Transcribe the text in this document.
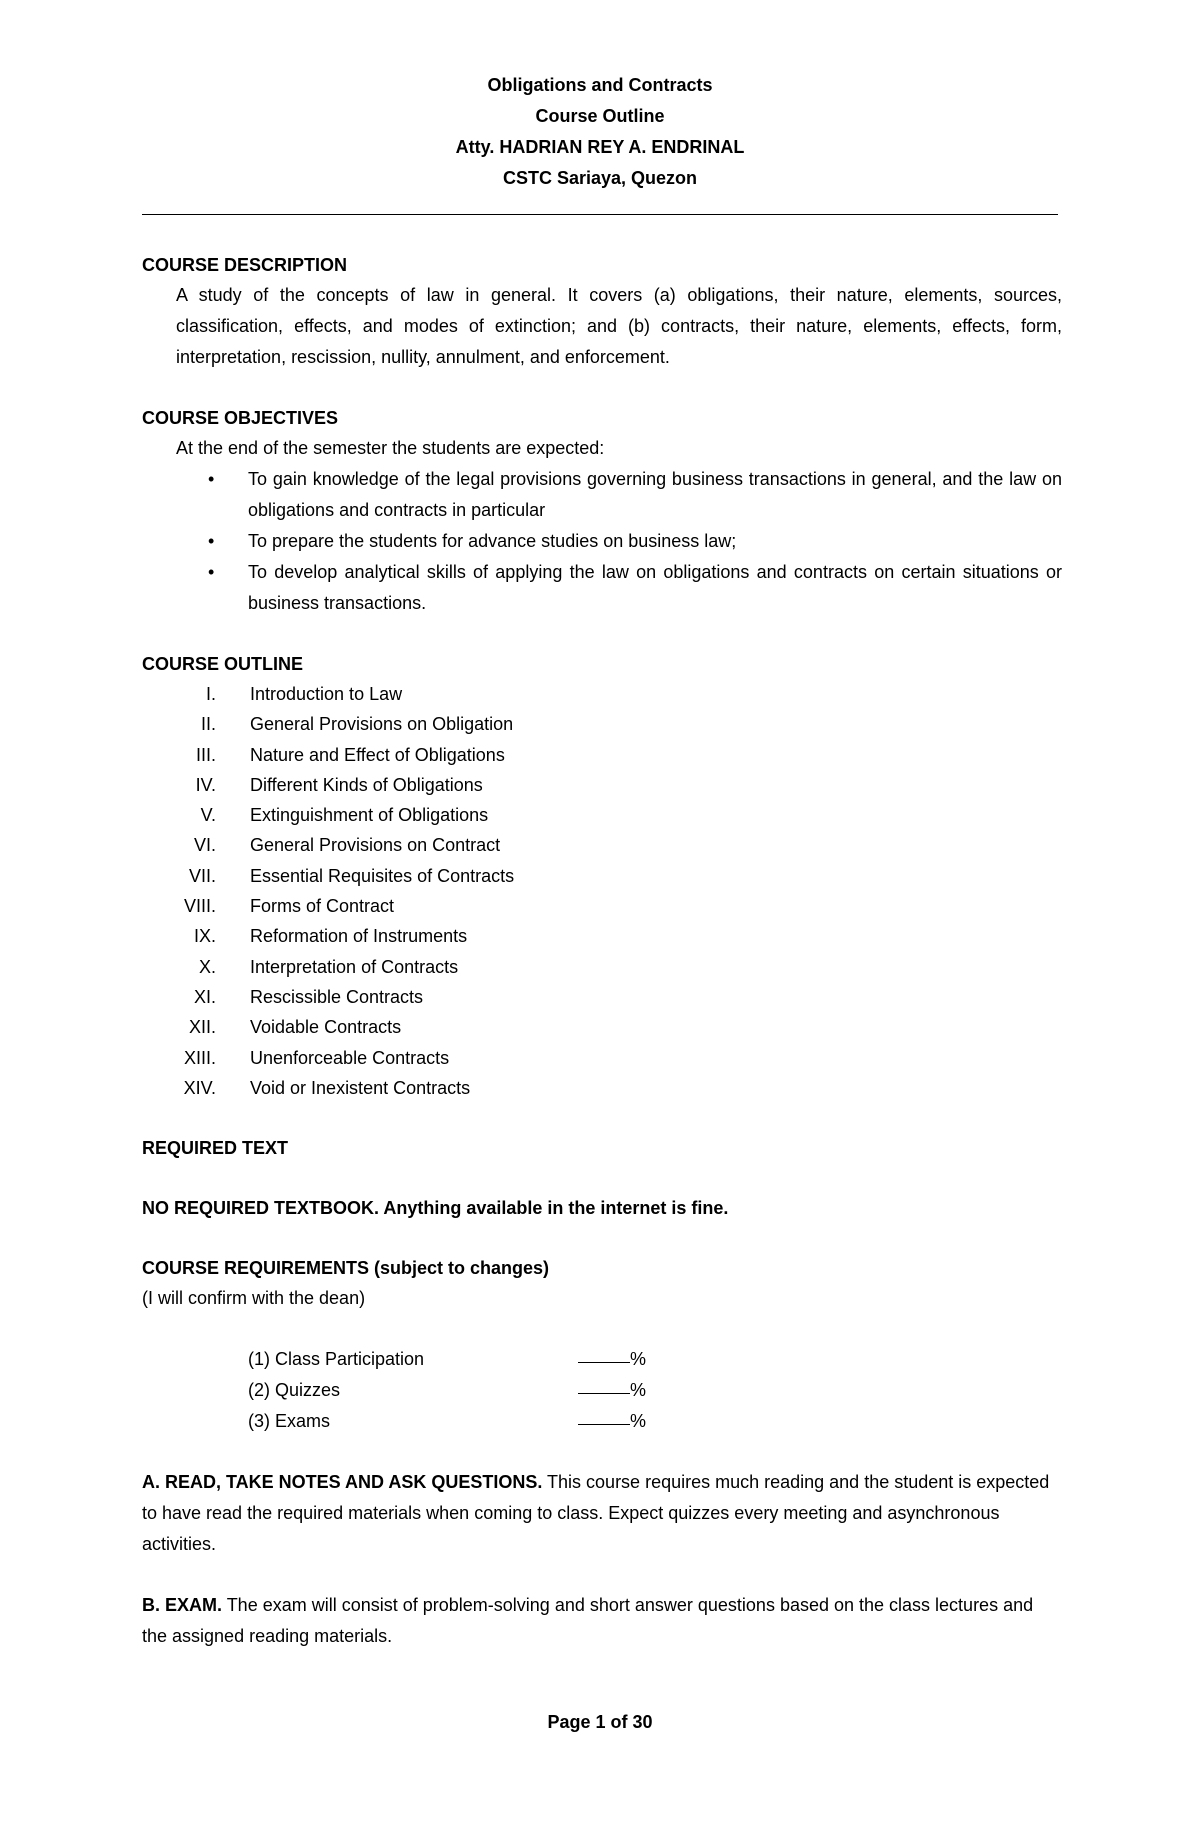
Obligations and Contracts
Course Outline
Atty. HADRIAN REY A. ENDRINAL
CSTC Sariaya, Quezon
COURSE DESCRIPTION
A study of the concepts of law in general. It covers (a) obligations, their nature, elements, sources, classification, effects, and modes of extinction; and (b) contracts, their nature, elements, effects, form, interpretation, rescission, nullity, annulment, and enforcement.
COURSE OBJECTIVES
At the end of the semester the students are expected:
• To gain knowledge of the legal provisions governing business transactions in general, and the law on obligations and contracts in particular
• To prepare the students for advance studies on business law;
• To develop analytical skills of applying the law on obligations and contracts on certain situations or business transactions.
COURSE OUTLINE
I. Introduction to Law
II. General Provisions on Obligation
III. Nature and Effect of Obligations
IV. Different Kinds of Obligations
V. Extinguishment of Obligations
VI. General Provisions on Contract
VII. Essential Requisites of Contracts
VIII. Forms of Contract
IX. Reformation of Instruments
X. Interpretation of Contracts
XI. Rescissible Contracts
XII. Voidable Contracts
XIII. Unenforceable Contracts
XIV. Void or Inexistent Contracts
REQUIRED TEXT
NO REQUIRED TEXTBOOK. Anything available in the internet is fine.
COURSE REQUIREMENTS (subject to changes)
(I will confirm with the dean)
(1) Class Participation	%
(2) Quizzes	%
(3) Exams	%
A. READ, TAKE NOTES AND ASK QUESTIONS. This course requires much reading and the student is expected to have read the required materials when coming to class. Expect quizzes every meeting and asynchronous activities.
B. EXAM. The exam will consist of problem-solving and short answer questions based on the class lectures and the assigned reading materials.
Page 1 of 30
